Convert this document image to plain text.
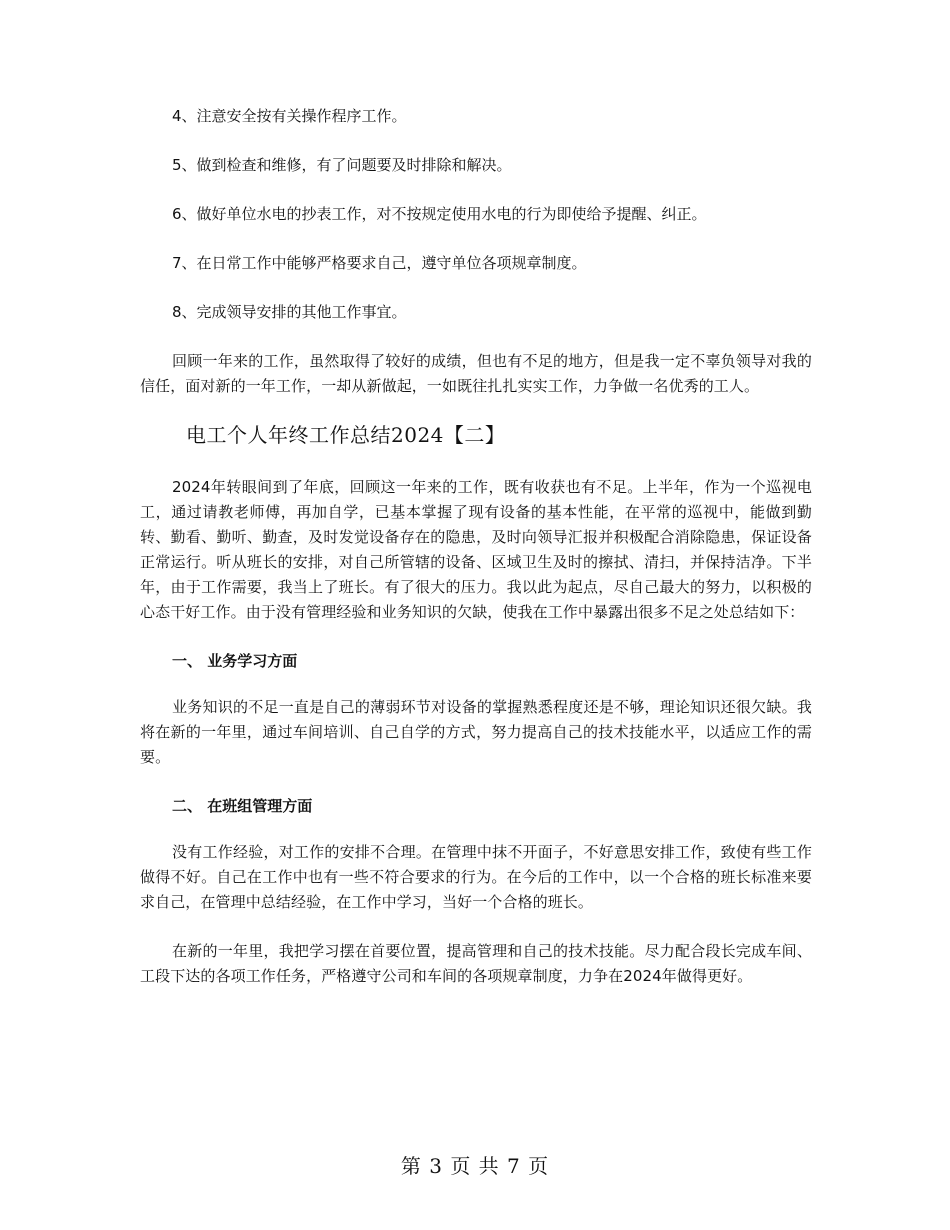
4、注意安全按有关操作程序工作。

5、做到检查和维修，有了问题要及时排除和解决。

6、做好单位水电的抄表工作，对不按规定使用水电的行为即使给予提醒、纠正。

7、在日常工作中能够严格要求自己，遵守单位各项规章制度。

8、完成领导安排的其他工作事宜。

回顾一年来的工作，虽然取得了较好的成绩，但也有不足的地方，但是我一定不辜负领导对我的信任，面对新的一年工作，一却从新做起，一如既往扎扎实实工作，力争做一名优秀的工人。

电工个人年终工作总结2024【二】

2024年转眼间到了年底，回顾这一年来的工作，既有收获也有不足。上半年，作为一个巡视电工，通过请教老师傅，再加自学，已基本掌握了现有设备的基本性能，在平常的巡视中，能做到勤转、勤看、勤听、勤查，及时发觉设备存在的隐患，及时向领导汇报并积极配合消除隐患，保证设备正常运行。听从班长的安排，对自己所管辖的设备、区域卫生及时的擦拭、清扫，并保持洁净。下半年，由于工作需要，我当上了班长。有了很大的压力。我以此为起点，尽自己最大的努力，以积极的心态干好工作。由于没有管理经验和业务知识的欠缺，使我在工作中暴露出很多不足之处总结如下：

一、 业务学习方面

业务知识的不足一直是自己的薄弱环节对设备的掌握熟悉程度还是不够，理论知识还很欠缺。我将在新的一年里，通过车间培训、自己自学的方式，努力提高自己的技术技能水平，以适应工作的需要。

二、 在班组管理方面

没有工作经验，对工作的安排不合理。在管理中抹不开面子，不好意思安排工作，致使有些工作做得不好。自己在工作中也有一些不符合要求的行为。在今后的工作中，以一个合格的班长标准来要求自己，在管理中总结经验，在工作中学习，当好一个合格的班长。

在新的一年里，我把学习摆在首要位置，提高管理和自己的技术技能。尽力配合段长完成车间、工段下达的各项工作任务，严格遵守公司和车间的各项规章制度，力争在2024年做得更好。

第 3 页 共 7 页
